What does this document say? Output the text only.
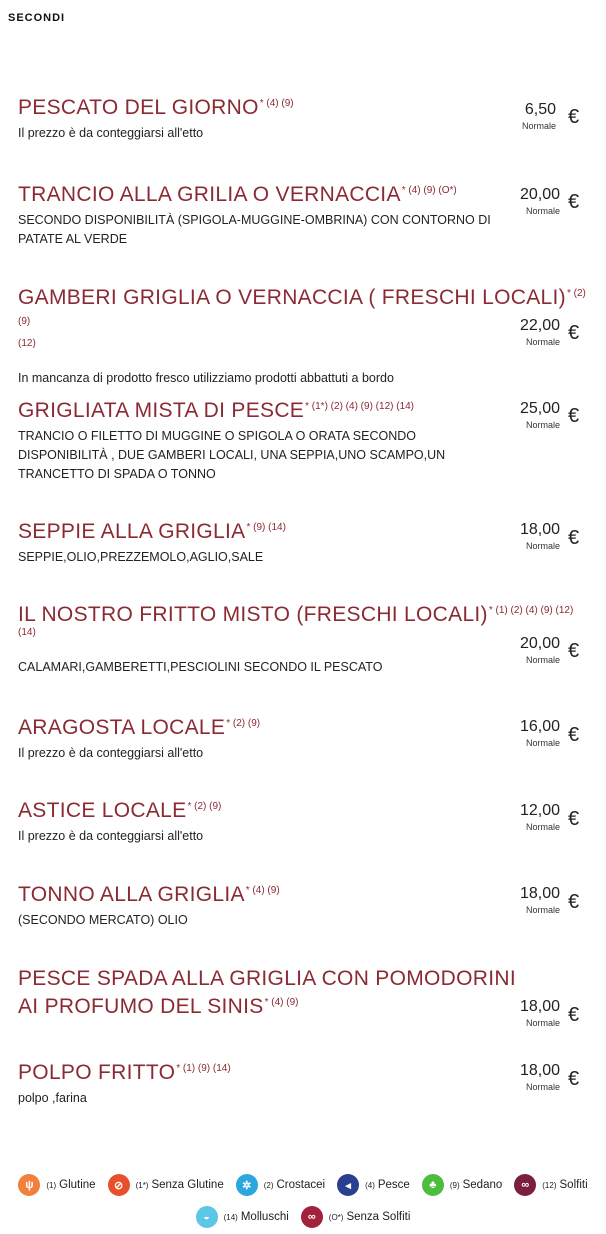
SECONDI
PESCATO DEL $GIORNO^{* (4) (9)}$
Il prezzo è da conteggiarsi all'etto
6,50
Normale €
TRANCIO ALLA GRILIA O $VERNACCIA^{* (4) (9) (O*)}$
SECONDO DISPONIBILITÀ (SPIGOLA-MUGGINE-OMBRINA) CON CONTORNO DI PATATE AL VERDE
20,00
Normale €
GAMBERI GRIGLIA O VERNACCIA ( FRESCHI LOCALI)$^{* (2) (9)}$
(12)
In mancanza di prodotto fresco utilizziamo prodotti abbattuti a bordo
22,00
Normale €
GRIGLIATA MISTA DI $PESCE^{* (1*) (2) (4) (9) (12) (14)}$
TRANCIO O FILETTO DI MUGGINE O SPIGOLA O ORATA SECONDO DISPONIBILITÀ , DUE GAMBERI LOCALI, UNA SEPPIA,UNO SCAMPO,UN TRANCETTO DI SPADA O TONNO
25,00
Normale €
SEPPIE ALLA $GRIGLIA^{* (9) (14)}$
SEPPIE,OLIO,PREZZEMOLO,AGLIO,SALE
18,00
Normale €
IL NOSTRO FRITTO MISTO (FRESCHI LOCALI)$^{* (1) (2) (4) (9) (12)}$
(14)
CALAMARI,GAMBERETTI,PESCIOLINI SECONDO IL PESCATO
20,00
Normale €
ARAGOSTA $LOCALE^{* (2) (9)}$
Il prezzo è da conteggiarsi all'etto
16,00
Normale €
ASTICE $LOCALE^{* (2) (9)}$
Il prezzo è da conteggiarsi all'etto
12,00
Normale €
TONNO ALLA $GRIGLIA^{* (4) (9)}$
(SECONDO MERCATO) OLIO
18,00
Normale €
PESCE SPADA ALLA GRIGLIA CON POMODORINI AI PROFUMO DEL $SINIS^{* (4) (9)}$	18,00
Normale €
POLPO $FRITTO^{* (1) (9) (14)}$
polpo ,farina
18,00
Normale €
ψ	(1) Glutine	⊘	(1*) Senza Glutine	✲	(2) Crostacei	◂	(4) Pesce	♣	(9) Sedano	∞	(12) Solfiti
◒	(14) Molluschi	∞	(O*) Senza Solfiti
